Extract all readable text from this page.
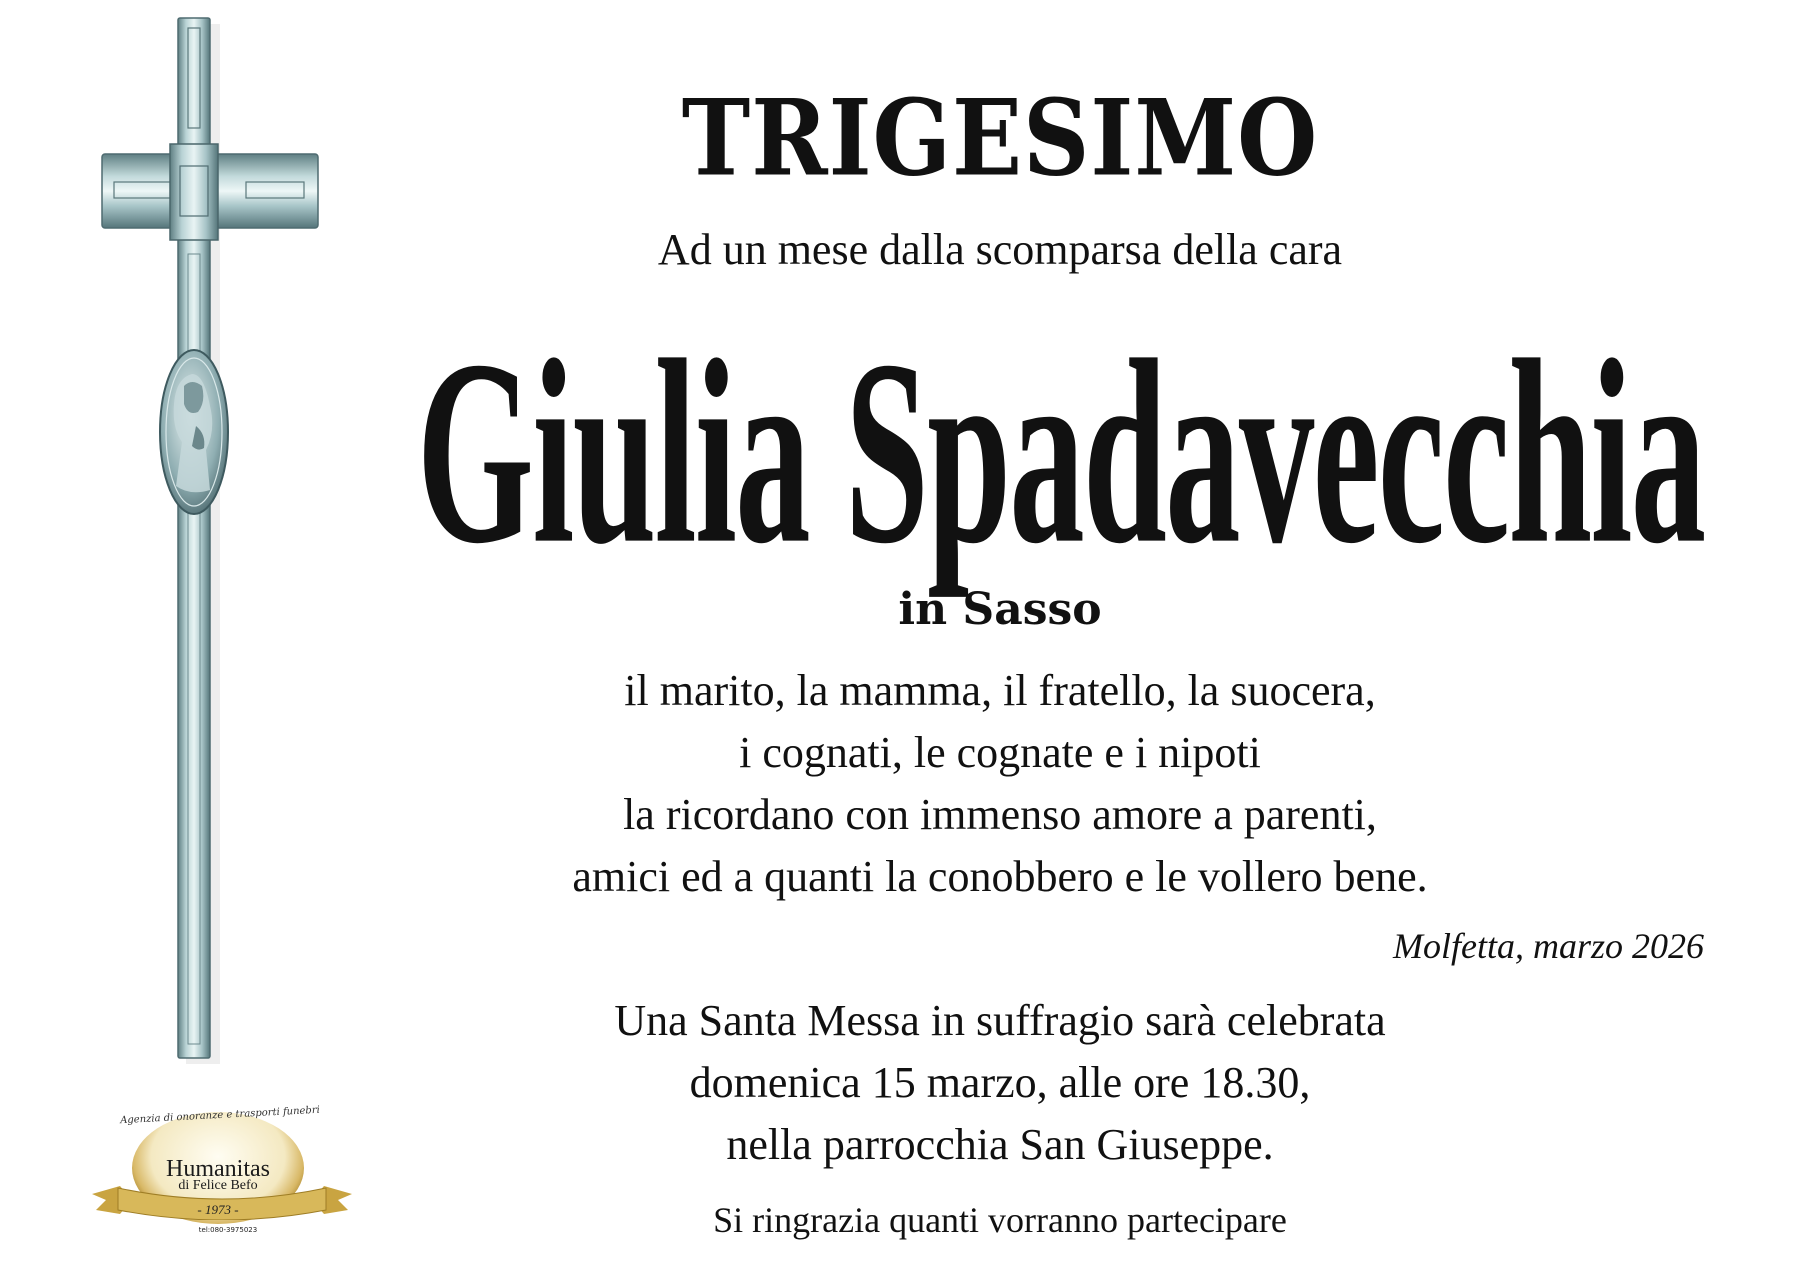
Agenzia di onoranze e trasporti funebri
Humanitas
di Felice Befo
- 1973 -
tel:080-3975023
TRIGESIMO
Ad un mese dalla scomparsa della cara
Giulia Spadavecchia
in Sasso
il marito, la mamma, il fratello, la suocera,
i cognati, le cognate e i nipoti
la ricordano con immenso amore a parenti,
amici ed a quanti la conobbero e le vollero bene.
Molfetta, marzo 2026
Una Santa Messa in suffragio sarà celebrata
domenica 15 marzo, alle ore 18.30,
nella parrocchia San Giuseppe.
Si ringrazia quanti vorranno partecipare
